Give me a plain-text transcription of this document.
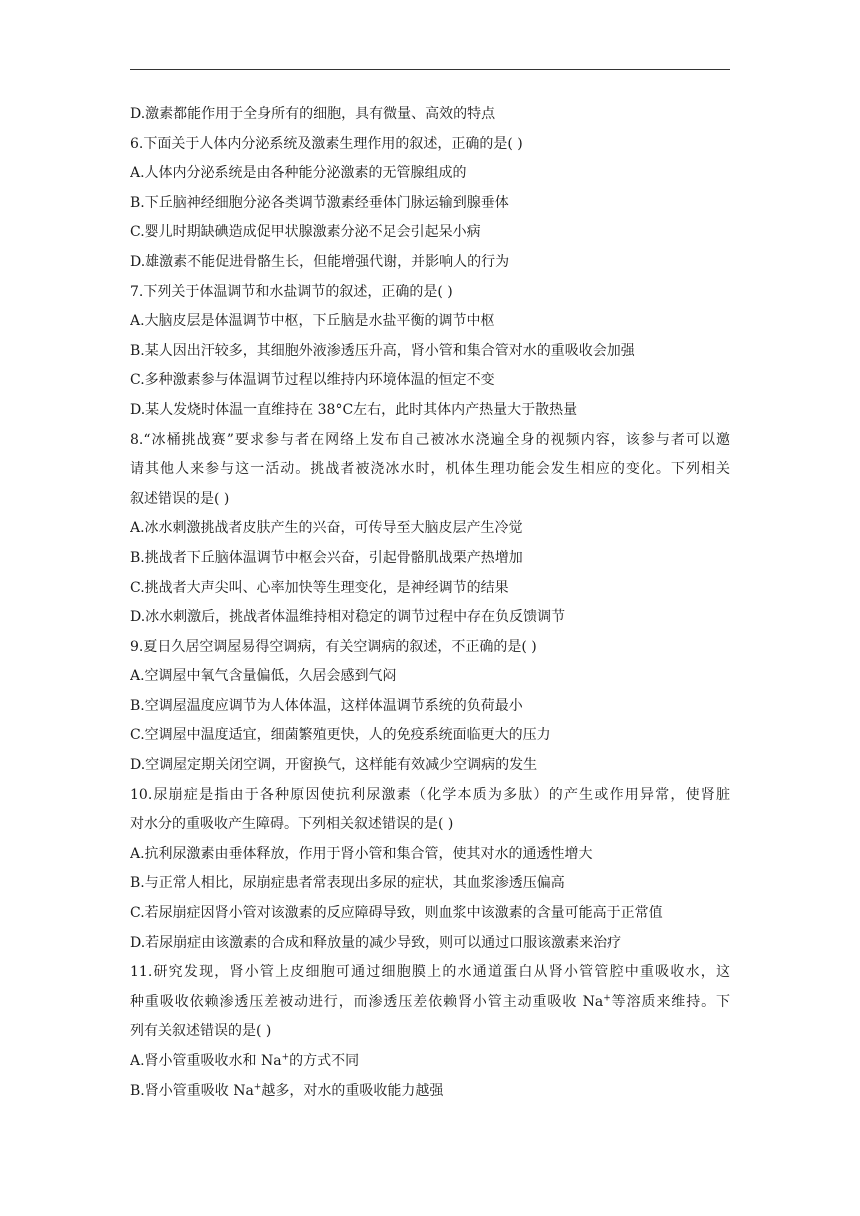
D.激素都能作用于全身所有的细胞，具有微量、高效的特点
6.下面关于人体内分泌系统及激素生理作用的叙述，正确的是( )
A.人体内分泌系统是由各种能分泌激素的无管腺组成的
B.下丘脑神经细胞分泌各类调节激素经垂体门脉运输到腺垂体
C.婴儿时期缺碘造成促甲状腺激素分泌不足会引起呆小病
D.雄激素不能促进骨骼生长，但能增强代谢，并影响人的行为
7.下列关于体温调节和水盐调节的叙述，正确的是( )
A.大脑皮层是体温调节中枢，下丘脑是水盐平衡的调节中枢
B.某人因出汗较多，其细胞外液渗透压升高，肾小管和集合管对水的重吸收会加强
C.多种激素参与体温调节过程以维持内环境体温的恒定不变
D.某人发烧时体温一直维持在 38°C左右，此时其体内产热量大于散热量
8.“冰桶挑战赛”要求参与者在网络上发布自己被冰水浇遍全身的视频内容，该参与者可以邀
请其他人来参与这一活动。挑战者被浇冰水时，机体生理功能会发生相应的变化。下列相关
叙述错误的是( )
A.冰水刺激挑战者皮肤产生的兴奋，可传导至大脑皮层产生冷觉
B.挑战者下丘脑体温调节中枢会兴奋，引起骨骼肌战栗产热增加
C.挑战者大声尖叫、心率加快等生理变化，是神经调节的结果
D.冰水刺激后，挑战者体温维持相对稳定的调节过程中存在负反馈调节
9.夏日久居空调屋易得空调病，有关空调病的叙述，不正确的是( )
A.空调屋中氧气含量偏低，久居会感到气闷
B.空调屋温度应调节为人体体温，这样体温调节系统的负荷最小
C.空调屋中温度适宜，细菌繁殖更快，人的免疫系统面临更大的压力
D.空调屋定期关闭空调，开窗换气，这样能有效减少空调病的发生
10.尿崩症是指由于各种原因使抗利尿激素（化学本质为多肽）的产生或作用异常，使肾脏
对水分的重吸收产生障碍。下列相关叙述错误的是( )
A.抗利尿激素由垂体释放，作用于肾小管和集合管，使其对水的通透性增大
B.与正常人相比，尿崩症患者常表现出多尿的症状，其血浆渗透压偏高
C.若尿崩症因肾小管对该激素的反应障碍导致，则血浆中该激素的含量可能高于正常值
D.若尿崩症由该激素的合成和释放量的减少导致，则可以通过口服该激素来治疗
11.研究发现，肾小管上皮细胞可通过细胞膜上的水通道蛋白从肾小管管腔中重吸收水，这
种重吸收依赖渗透压差被动进行，而渗透压差依赖肾小管主动重吸收 Na+等溶质来维持。下
列有关叙述错误的是( )
A.肾小管重吸收水和 Na+的方式不同
B.肾小管重吸收 Na+越多，对水的重吸收能力越强
